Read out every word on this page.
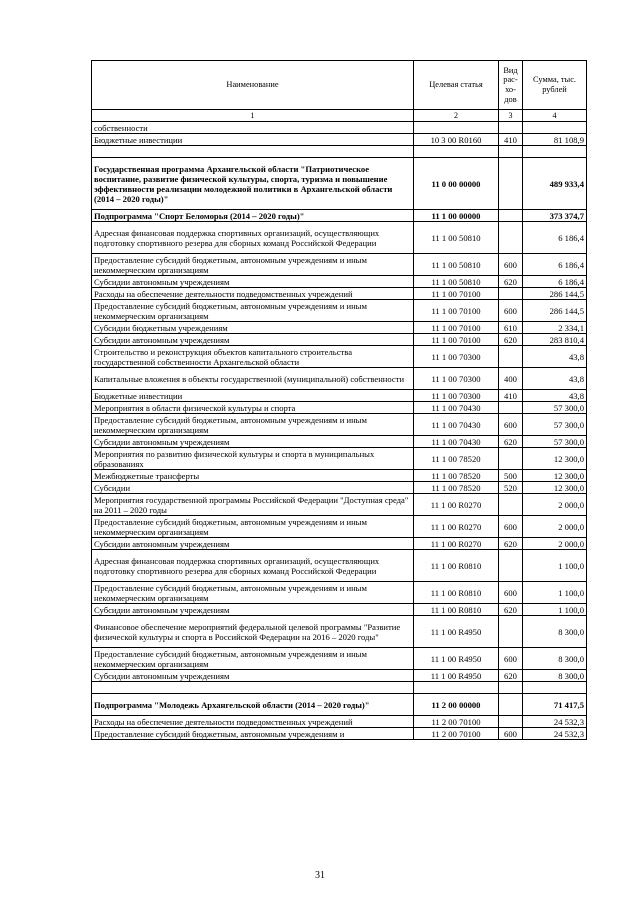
Наименование	Целевая статья	Вид рас-хо-дов	Сумма, тыс. рублей
1	2	3	4
собственности			
Бюджетные инвестиции	10 3 00 R0160	410	81 108,9

Государственная программа Архангельской области "Патриотическое воспитание, развитие физической культуры, спорта, туризма и повышение эффективности реализации молодежной политики в Архангельской области (2014 – 2020 годы)"	11 0 00 00000		489 933,4
Подпрограмма "Спорт Беломорья (2014 – 2020 годы)"	11 1 00 00000		373 374,7
Адресная финансовая поддержка спортивных организаций, осуществляющих подготовку спортивного резерва для сборных команд Российской Федерации	11 1 00 50810		6 186,4
Предоставление субсидий бюджетным, автономным учреждениям и иным некоммерческим организациям	11 1 00 50810	600	6 186,4
Субсидии автономным учреждениям	11 1 00 50810	620	6 186,4
Расходы на обеспечение деятельности подведомственных учреждений	11 1 00 70100		286 144,5
Предоставление субсидий бюджетным, автономным учреждениям и иным некоммерческим организациям	11 1 00 70100	600	286 144,5
Субсидии бюджетным учреждениям	11 1 00 70100	610	2 334,1
Субсидии автономным учреждениям	11 1 00 70100	620	283 810,4
Строительство и реконструкция объектов капитального строительства государственной собственности Архангельской области	11 1 00 70300		43,8
Капитальные вложения в объекты государственной (муниципальной) собственности	11 1 00 70300	400	43,8
Бюджетные инвестиции	11 1 00 70300	410	43,8
Мероприятия в области физической культуры и спорта	11 1 00 70430		57 300,0
Предоставление субсидий бюджетным, автономным учреждениям и иным некоммерческим организациям	11 1 00 70430	600	57 300,0
Субсидии автономным учреждениям	11 1 00 70430	620	57 300,0
Мероприятия по развитию физической культуры и спорта в муниципальных образованиях	11 1 00 78520		12 300,0
Межбюджетные трансферты	11 1 00 78520	500	12 300,0
Субсидии	11 1 00 78520	520	12 300,0
Мероприятия государственной программы Российской Федерации "Доступная среда" на 2011 – 2020 годы	11 1 00 R0270		2 000,0
Предоставление субсидий бюджетным, автономным учреждениям и иным некоммерческим организациям	11 1 00 R0270	600	2 000,0
Субсидии автономным учреждениям	11 1 00 R0270	620	2 000,0
Адресная финансовая поддержка спортивных организаций, осуществляющих подготовку спортивного резерва для сборных команд Российской Федерации	11 1 00 R0810		1 100,0
Предоставление субсидий бюджетным, автономным учреждениям и иным некоммерческим организациям	11 1 00 R0810	600	1 100,0
Субсидии автономным учреждениям	11 1 00 R0810	620	1 100,0
Финансовое обеспечение мероприятий федеральной целевой программы "Развитие физической культуры и спорта в Российской Федерации на 2016 – 2020 годы"	11 1 00 R4950		8 300,0
Предоставление субсидий бюджетным, автономным учреждениям и иным некоммерческим организациям	11 1 00 R4950	600	8 300,0
Субсидии автономным учреждениям	11 1 00 R4950	620	8 300,0

Подпрограмма "Молодежь Архангельской области (2014 – 2020 годы)"	11 2 00 00000		71 417,5
Расходы на обеспечение деятельности подведомственных учреждений	11 2 00 70100		24 532,3
Предоставление субсидий бюджетным, автономным учреждениям и	11 2 00 70100	600	24 532,3
31
